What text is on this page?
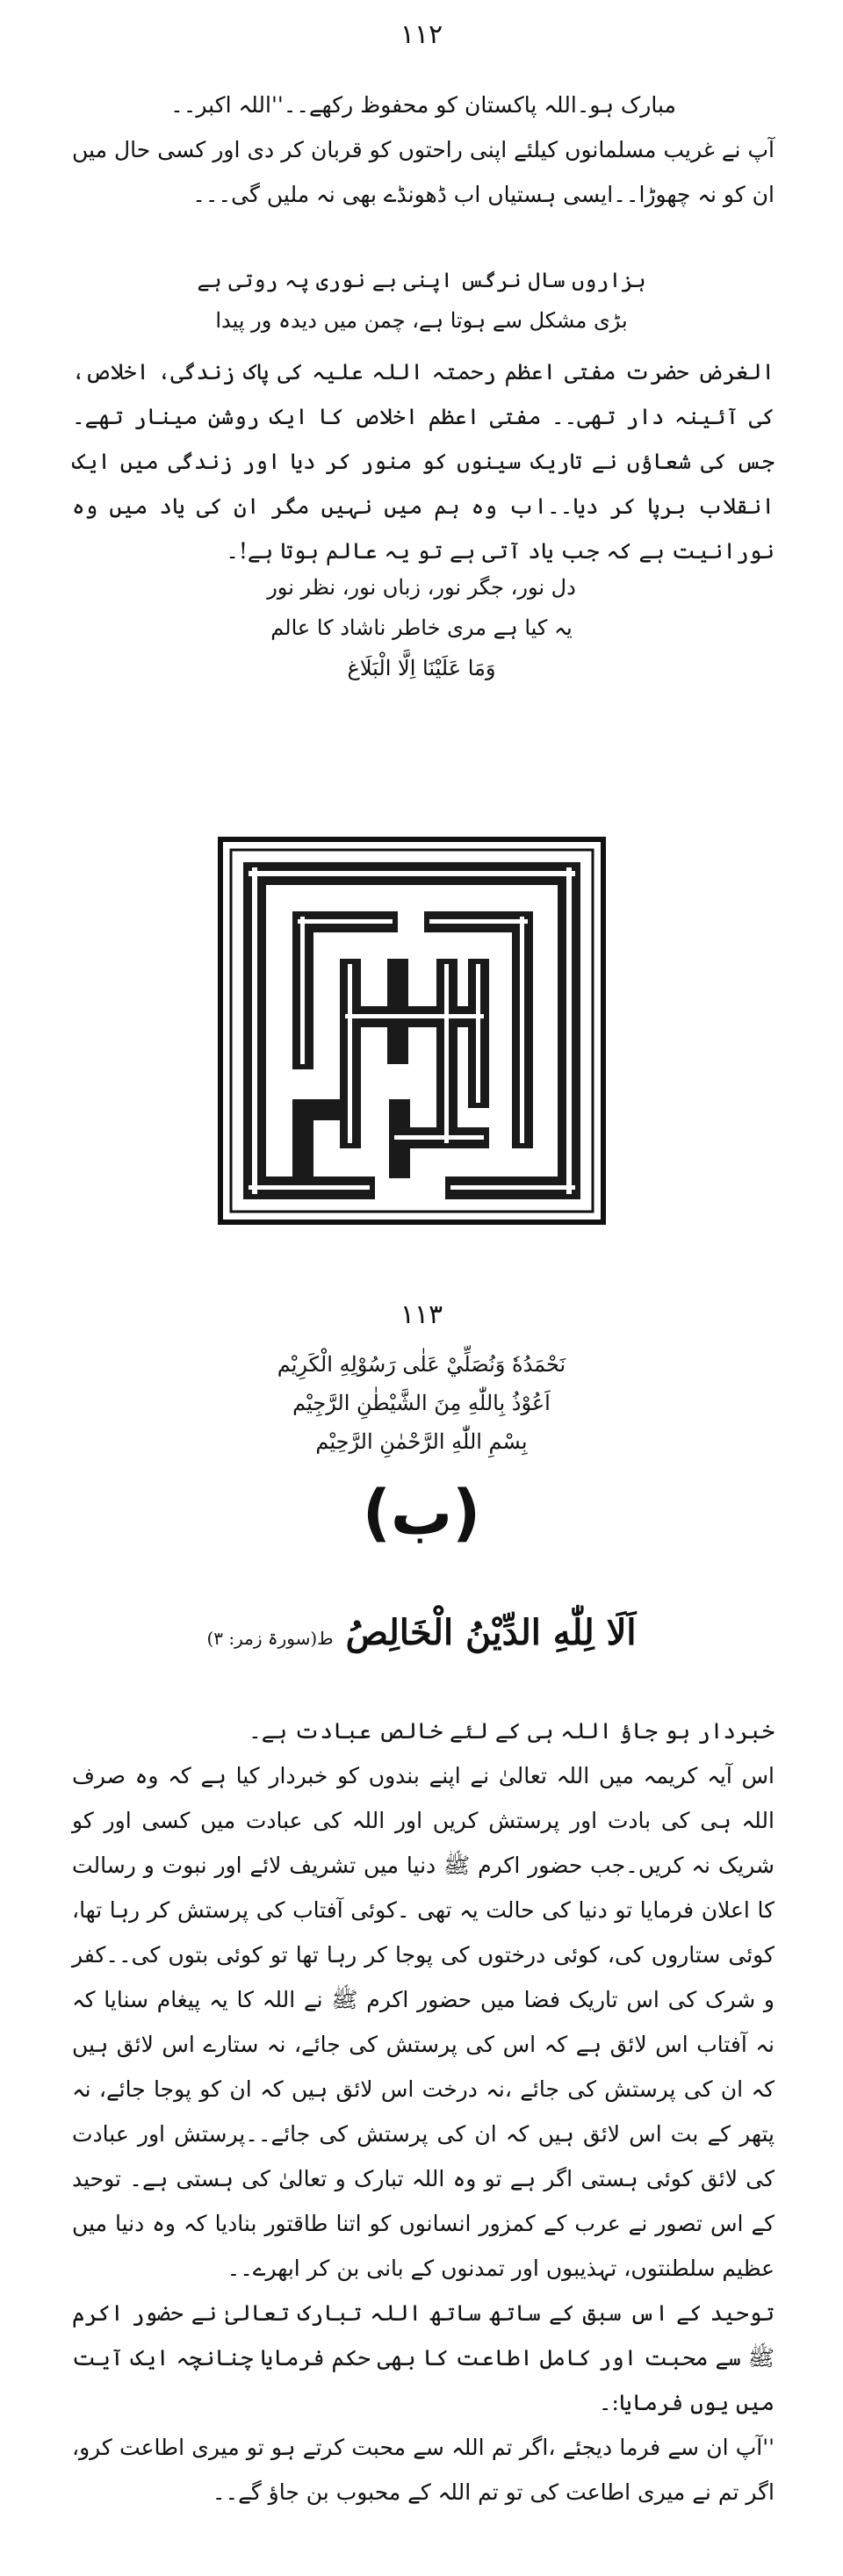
۱۱۲

مبارک ہو۔اللہ پاکستان کو محفوظ رکھے۔۔''اللہ اکبر۔۔

آپ نے غریب مسلمانوں کیلئے اپنی راحتوں کو قربان کر دی اور کسی حال میں ان کو نہ چھوڑا۔۔ایسی ہستیاں اب ڈھونڈے بھی نہ ملیں گی۔۔۔

ہزاروں سال نرگس اپنی بے نوری پہ روتی ہے
بڑی مشکل سے ہوتا ہے، چمن میں دیدہ ور پیدا

الغرض حضرت مفتی اعظم رحمتہ اللہ علیہ کی پاک زندگی، اخلاص، کی آئینہ دار تھی۔۔ مفتی اعظم اخلاص کا ایک روشن مینار تھے۔جس کی شعاؤں نے تاریک سینوں کو منور کر دیا اور زندگی میں ایک انقلاب برپا کر دیا۔۔اب وہ ہم میں نہیں مگر ان کی یاد میں وہ نورانیت ہے کہ جب یاد آتی ہے تو یہ عالم ہوتا ہے!۔

دل نور، جگر نور، زباں نور، نظر نور
یہ کیا ہے مری خاطر ناشاد کا عالم
وَمَا عَلَيْنَا اِلَّا الْبَلَاغ
۱۱۳
نَحْمَدُهٗ وَنُصَلِّيْ عَلٰى رَسُوْلِهِ الْكَرِيْم
اَعُوْذُ بِاللّٰهِ مِنَ الشَّيْطٰنِ الرَّجِيْم
بِسْمِ اللّٰهِ الرَّحْمٰنِ الرَّحِيْم
(ب)
اَلَا لِلّٰهِ الدِّيْنُ الْخَالِصُ ط(سورۃ زمر: ۳)

خبردار ہو جاؤ اللہ ہی کے لئے خالص عبادت ہے۔

اس آیہ کریمہ میں اللہ تعالیٰ نے اپنے بندوں کو خبردار کیا ہے کہ وہ صرف اللہ ہی کی بادت اور پرستش کریں اور اللہ کی عبادت میں کسی اور کو شریک نہ کریں۔جب حضور اکرم ﷺ دنیا میں تشریف لائے اور نبوت و رسالت کا اعلان فرمایا تو دنیا کی حالت یہ تھی ۔کوئی آفتاب کی پرستش کر رہا تھا، کوئی ستاروں کی، کوئی درختوں کی پوجا کر رہا تھا تو کوئی بتوں کی۔۔کفر و شرک کی اس تاریک فضا میں حضور اکرم ﷺ نے اللہ کا یہ پیغام سنایا کہ نہ آفتاب اس لائق ہے کہ اس کی پرستش کی جائے، نہ ستارے اس لائق ہیں کہ ان کی پرستش کی جائے ،نہ درخت اس لائق ہیں کہ ان کو پوجا جائے، نہ پتھر کے بت اس لائق ہیں کہ ان کی پرستش کی جائے۔۔پرستش اور عبادت کی لائق کوئی ہستی اگر ہے تو وہ اللہ تبارک و تعالیٰ کی ہستی ہے۔ توحید کے اس تصور نے عرب کے کمزور انسانوں کو اتنا طاقتور بنادیا کہ وہ دنیا میں عظیم سلطنتوں، تہذیبوں اور تمدنوں کے بانی بن کر ابھرے۔۔

توحید کے اس سبق کے ساتھ ساتھ اللہ تبارک تعالیٰ نے حضور اکرم ﷺ سے محبت اور کامل اطاعت کا بھی حکم فرمایا چنانچہ ایک آیت میں یوں فرمایا:۔

''آپ ان سے فرما دیجئے ،اگر تم اللہ سے محبت کرتے ہو تو میری اطاعت کرو، اگر تم نے میری اطاعت کی تو تم اللہ کے محبوب بن جاؤ گے۔۔
